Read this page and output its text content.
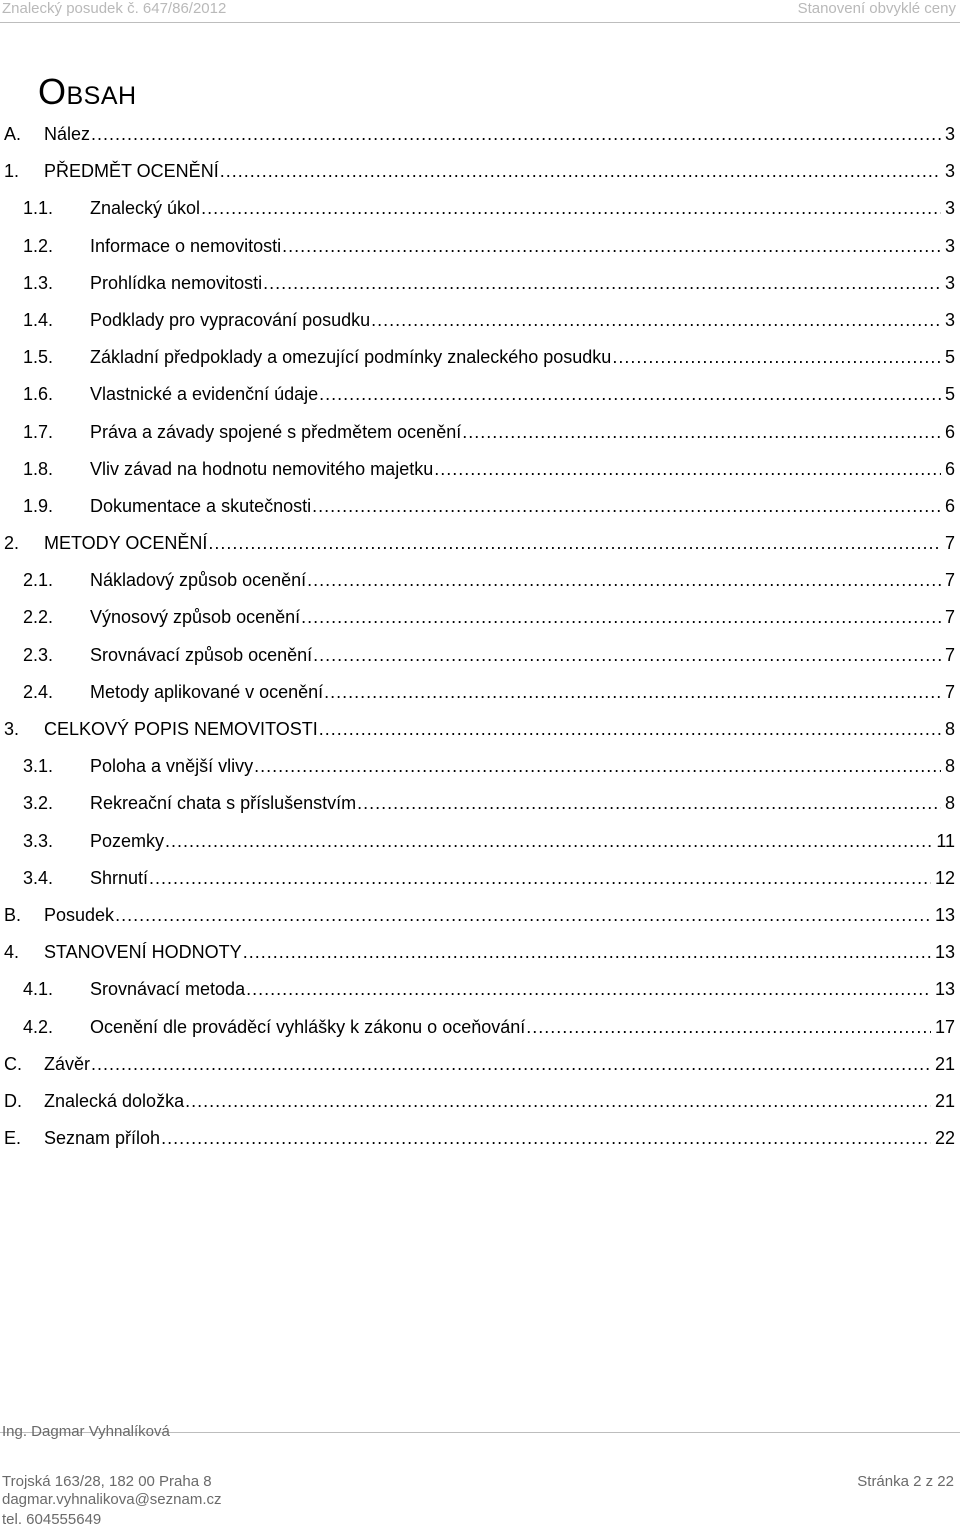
Znalecký posudek č. 647/86/2012	Stanovení obvyklé ceny
Obsah
A. Nález .....	3
1. PŘEDMĚT OCENĚNÍ .....	3
1.1. Znalecký úkol .....	3
1.2. Informace o nemovitosti .....	3
1.3. Prohlídka nemovitosti .....	3
1.4. Podklady pro vypracování posudku .....	3
1.5. Základní předpoklady a omezující podmínky znaleckého posudku .....	5
1.6. Vlastnické a evidenční údaje .....	5
1.7. Práva a závady spojené s předmětem ocenění .....	6
1.8. Vliv závad na hodnotu nemovitého majetku .....	6
1.9. Dokumentace a skutečnosti .....	6
2. METODY OCENĚNÍ .....	7
2.1. Nákladový způsob ocenění .....	7
2.2. Výnosový způsob ocenění .....	7
2.3. Srovnávací způsob ocenění .....	7
2.4. Metody aplikované v ocenění .....	7
3. CELKOVÝ POPIS NEMOVITOSTI .....	8
3.1. Poloha a vnější vlivy .....	8
3.2. Rekreační chata s příslušenstvím .....	8
3.3. Pozemky .....	11
3.4. Shrnutí .....	12
B. Posudek .....	13
4. STANOVENÍ HODNOTY .....	13
4.1. Srovnávací metoda .....	13
4.2. Ocenění dle prováděcí vyhlášky k zákonu o oceňování .....	17
C. Závěr .....	21
D. Znalecká doložka .....	21
E. Seznam příloh .....	22
Ing. Dagmar Vyhnalíková
Trojská 163/28, 182 00 Praha 8
dagmar.vyhnalikova@seznam.cz
tel. 604555649
Stránka 2 z 22
